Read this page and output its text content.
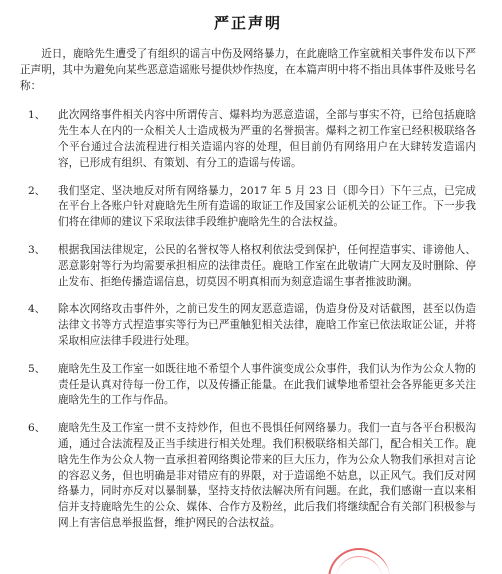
严正声明

近日，鹿晗先生遭受了有组织的谣言中伤及网络暴力，在此鹿晗工作室就相关事件发布以下严正声明，其中为避免向某些恶意造谣账号提供炒作热度，在本篇声明中将不指出具体事件及账号名称：

1、	此次网络事件相关内容中所谓传言、爆料均为恶意造谣，全部与事实不符，已给包括鹿晗先生本人在内的一众相关人士造成极为严重的名誉损害。爆料之初工作室已经积极联络各个平台通过合法流程进行相关造谣内容的处理，但目前仍有网络用户在大肆转发造谣内容，已形成有组织、有策划、有分工的造谣与传谣。

2、	我们坚定、坚决地反对所有网络暴力，2017 年 5 月 23 日（即今日）下午三点，已完成在平台上各账户针对鹿晗先生所有造谣的取证工作及国家公证机关的公证工作。下一步我们将在律师的建议下采取法律手段维护鹿晗先生的合法权益。

3、	根据我国法律规定，公民的名誉权等人格权利依法受到保护，任何捏造事实、诽谤他人、恶意影射等行为均需要承担相应的法律责任。鹿晗工作室在此敬请广大网友及时删除、停止发布、拒绝传播造谣信息，切莫因不明真相而为刻意造谣生事者推波助澜。

4、	除本次网络攻击事件外，之前已发生的网友恶意造谣，伪造身份及对话截图，甚至以伪造法律文书等方式捏造事实等行为已严重触犯相关法律，鹿晗工作室已依法取证公证，并将采取相应法律手段进行处理。

5、	鹿晗先生及工作室一如既往地不希望个人事件演变成公众事件，我们认为作为公众人物的责任是认真对待每一份工作，以及传播正能量。在此我们诚挚地希望社会各界能更多关注鹿晗先生的工作与作品。

6、	鹿晗先生及工作室一贯不支持炒作，但也不畏惧任何网络暴力。我们一直与各平台积极沟通，通过合法流程及正当手续进行相关处理。我们积极联络相关部门，配合相关工作。鹿晗先生作为公众人物一直承担着网络舆论带来的巨大压力，作为公众人物我们承担对言论的容忍义务，但也明确是非对错应有的界限，对于造谣绝不姑息，以正风气。我们反对网络暴力，同时亦反对以暴制暴，坚持支持依法解决所有问题。在此，我们感谢一直以来相信并支持鹿晗先生的公众、媒体、合作方及粉丝，此后我们将继续配合有关部门积极参与网上有害信息举报监督，维护网民的合法权益。
